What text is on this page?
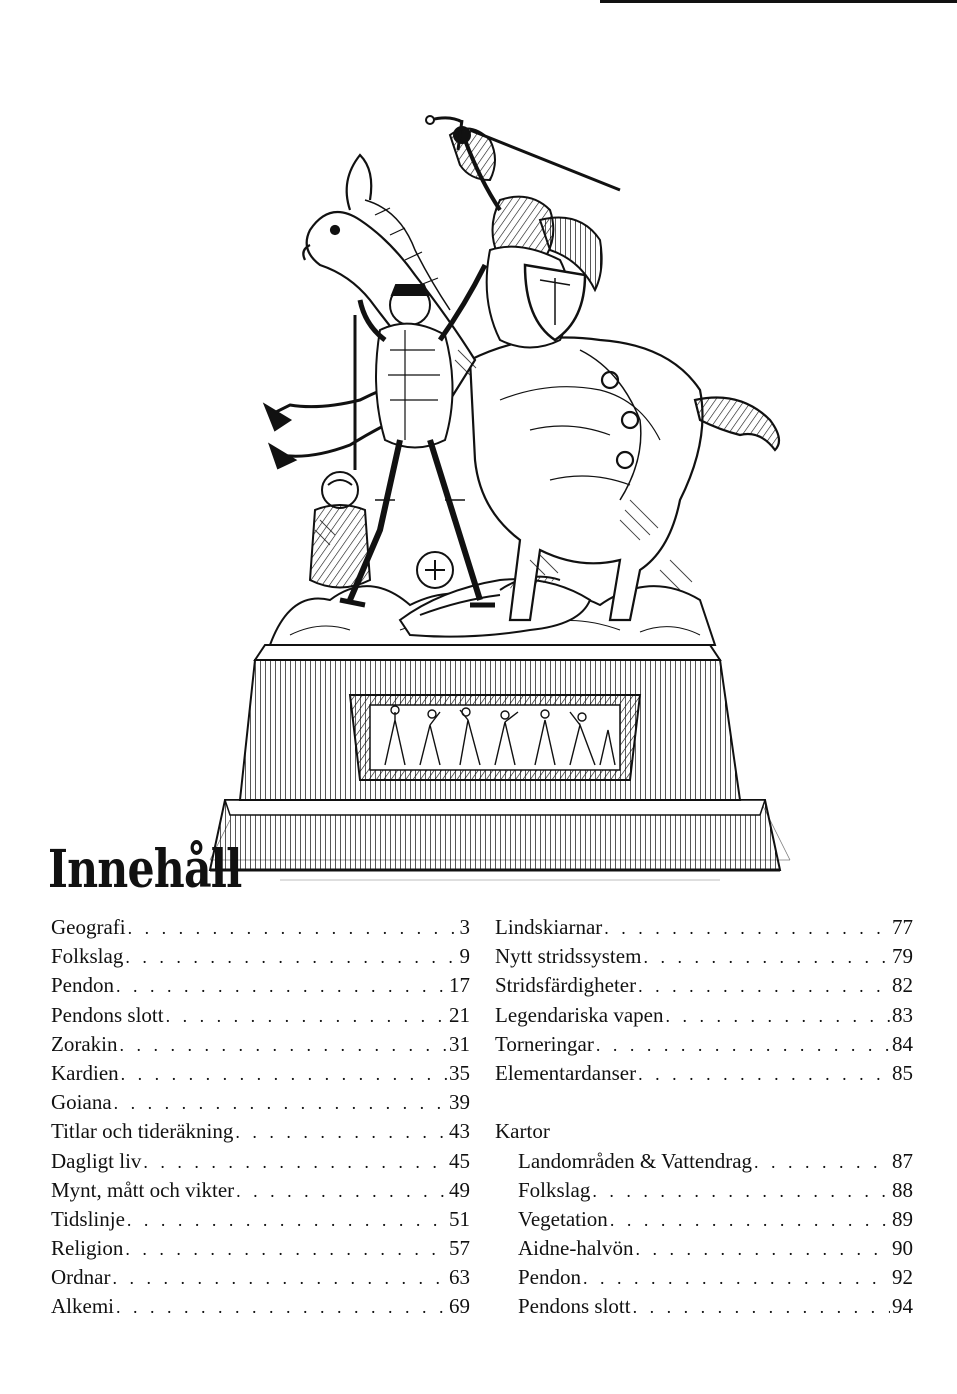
Innehåll
Geografi . . .	3
Folkslag . . .	9
Pendon . . .	17
Pendons slott . . .	21
Zorakin . . .	31
Kardien . . .	35
Goiana . . .	39
Titlar och tideräkning . . .	43
Dagligt liv . . .	45
Mynt, mått och vikter . . .	49
Tidslinje . . .	51
Religion . . .	57
Ordnar . . .	63
Alkemi . . .	69
Lindskiarnar . . .	77
Nytt stridssystem . . .	79
Stridsfärdigheter . . .	82
Legendariska vapen . . .	83
Torneringar . . .	84
Elementardanser . . .	85
Kartor
Landområden & Vattendrag . . .	87
Folkslag . . .	88
Vegetation . . .	89
Aidne-halvön . . .	90
Pendon . . .	92
Pendons slott . . .	94
